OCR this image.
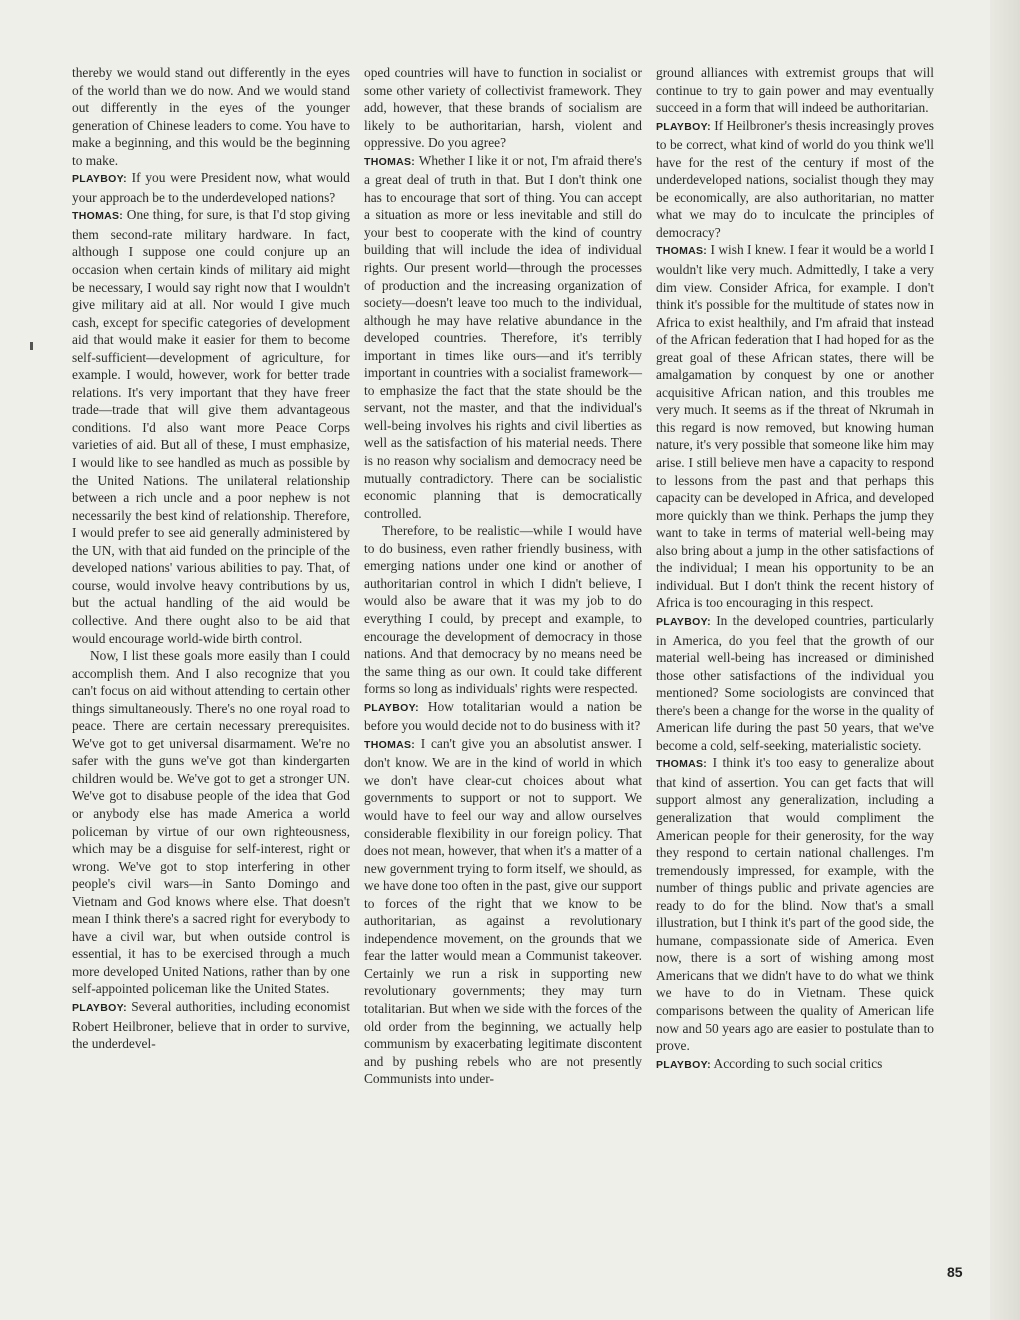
thereby we would stand out differently in the eyes of the world than we do now. And we would stand out differently in the eyes of the younger generation of Chinese leaders to come. You have to make a beginning, and this would be the beginning to make.

PLAYBOY: If you were President now, what would your approach be to the underdeveloped nations?

THOMAS: One thing, for sure, is that I'd stop giving them second-rate military hardware. In fact, although I suppose one could conjure up an occasion when certain kinds of military aid might be necessary, I would say right now that I wouldn't give military aid at all. Nor would I give much cash, except for specific categories of development aid that would make it easier for them to become self-sufficient—development of agriculture, for example. I would, however, work for better trade relations. It's very important that they have freer trade—trade that will give them advantageous conditions. I'd also want more Peace Corps varieties of aid. But all of these, I must emphasize, I would like to see handled as much as possible by the United Nations. The unilateral relationship between a rich uncle and a poor nephew is not necessarily the best kind of relationship. Therefore, I would prefer to see aid generally administered by the UN, with that aid funded on the principle of the developed nations' various abilities to pay. That, of course, would involve heavy contributions by us, but the actual handling of the aid would be collective. And there ought also to be aid that would encourage world-wide birth control.

Now, I list these goals more easily than I could accomplish them. And I also recognize that you can't focus on aid without attending to certain other things simultaneously. There's no one royal road to peace. There are certain necessary prerequisites. We've got to get universal disarmament. We're no safer with the guns we've got than kindergarten children would be. We've got to get a stronger UN. We've got to disabuse people of the idea that God or anybody else has made America a world policeman by virtue of our own righteousness, which may be a disguise for self-interest, right or wrong. We've got to stop interfering in other people's civil wars—in Santo Domingo and Vietnam and God knows where else. That doesn't mean I think there's a sacred right for everybody to have a civil war, but when outside control is essential, it has to be exercised through a much more developed United Nations, rather than by one self-appointed policeman like the United States.

PLAYBOY: Several authorities, including economist Robert Heilbroner, believe that in order to survive, the underdevel-

oped countries will have to function in socialist or some other variety of collectivist framework. They add, however, that these brands of socialism are likely to be authoritarian, harsh, violent and oppressive. Do you agree?

THOMAS: Whether I like it or not, I'm afraid there's a great deal of truth in that. But I don't think one has to encourage that sort of thing. You can accept a situation as more or less inevitable and still do your best to cooperate with the kind of country building that will include the idea of individual rights. Our present world—through the processes of production and the increasing organization of society—doesn't leave too much to the individual, although he may have relative abundance in the developed countries. Therefore, it's terribly important in times like ours—and it's terribly important in countries with a socialist framework—to emphasize the fact that the state should be the servant, not the master, and that the individual's well-being involves his rights and civil liberties as well as the satisfaction of his material needs. There is no reason why socialism and democracy need be mutually contradictory. There can be socialistic economic planning that is democratically controlled.

Therefore, to be realistic—while I would have to do business, even rather friendly business, with emerging nations under one kind or another of authoritarian control in which I didn't believe, I would also be aware that it was my job to do everything I could, by precept and example, to encourage the development of democracy in those nations. And that democracy by no means need be the same thing as our own. It could take different forms so long as individuals' rights were respected.

PLAYBOY: How totalitarian would a nation be before you would decide not to do business with it?

THOMAS: I can't give you an absolutist answer. I don't know. We are in the kind of world in which we don't have clear-cut choices about what governments to support or not to support. We would have to feel our way and allow ourselves considerable flexibility in our foreign policy. That does not mean, however, that when it's a matter of a new government trying to form itself, we should, as we have done too often in the past, give our support to forces of the right that we know to be authoritarian, as against a revolutionary independence movement, on the grounds that we fear the latter would mean a Communist takeover. Certainly we run a risk in supporting new revolutionary governments; they may turn totalitarian. But when we side with the forces of the old order from the beginning, we actually help communism by exacerbating legitimate discontent and by pushing rebels who are not presently Communists into under-

ground alliances with extremist groups that will continue to try to gain power and may eventually succeed in a form that will indeed be authoritarian.

PLAYBOY: If Heilbroner's thesis increasingly proves to be correct, what kind of world do you think we'll have for the rest of the century if most of the underdeveloped nations, socialist though they may be economically, are also authoritarian, no matter what we may do to inculcate the principles of democracy?

THOMAS: I wish I knew. I fear it would be a world I wouldn't like very much. Admittedly, I take a very dim view. Consider Africa, for example. I don't think it's possible for the multitude of states now in Africa to exist healthily, and I'm afraid that instead of the African federation that I had hoped for as the great goal of these African states, there will be amalgamation by conquest by one or another acquisitive African nation, and this troubles me very much. It seems as if the threat of Nkrumah in this regard is now removed, but knowing human nature, it's very possible that someone like him may arise. I still believe men have a capacity to respond to lessons from the past and that perhaps this capacity can be developed in Africa, and developed more quickly than we think. Perhaps the jump they want to take in terms of material well-being may also bring about a jump in the other satisfactions of the individual; I mean his opportunity to be an individual. But I don't think the recent history of Africa is too encouraging in this respect.

PLAYBOY: In the developed countries, particularly in America, do you feel that the growth of our material well-being has increased or diminished those other satisfactions of the individual you mentioned? Some sociologists are convinced that there's been a change for the worse in the quality of American life during the past 50 years, that we've become a cold, self-seeking, materialistic society.

THOMAS: I think it's too easy to generalize about that kind of assertion. You can get facts that will support almost any generalization, including a generalization that would compliment the American people for their generosity, for the way they respond to certain national challenges. I'm tremendously impressed, for example, with the number of things public and private agencies are ready to do for the blind. Now that's a small illustration, but I think it's part of the good side, the humane, compassionate side of America. Even now, there is a sort of wishing among most Americans that we didn't have to do what we think we have to do in Vietnam. These quick comparisons between the quality of American life now and 50 years ago are easier to postulate than to prove.

PLAYBOY: According to such social critics

85
